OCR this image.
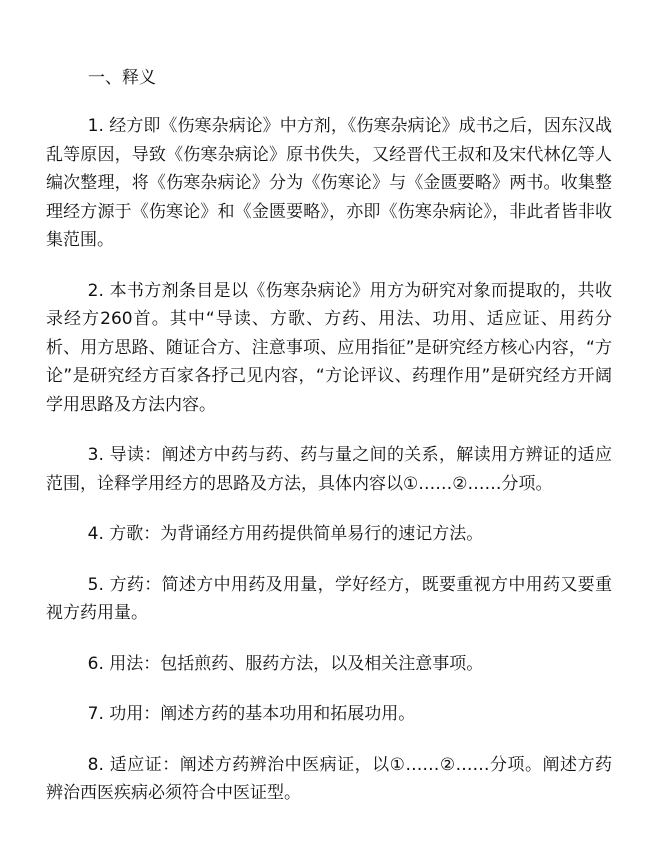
一、释义

1. 经方即《伤寒杂病论》中方剂，《伤寒杂病论》成书之后，因东汉战乱等原因，导致《伤寒杂病论》原书佚失，又经晋代王叔和及宋代林亿等人编次整理，将《伤寒杂病论》分为《伤寒论》与《金匮要略》两书。收集整理经方源于《伤寒论》和《金匮要略》，亦即《伤寒杂病论》，非此者皆非收集范围。

2. 本书方剂条目是以《伤寒杂病论》用方为研究对象而提取的，共收录经方260首。其中“导读、方歌、方药、用法、功用、适应证、用药分析、用方思路、随证合方、注意事项、应用指征”是研究经方核心内容，“方论”是研究经方百家各抒己见内容，“方论评议、药理作用”是研究经方开阔学用思路及方法内容。

3. 导读：阐述方中药与药、药与量之间的关系，解读用方辨证的适应范围，诠释学用经方的思路及方法，具体内容以①……②……分项。

4. 方歌：为背诵经方用药提供简单易行的速记方法。

5. 方药：简述方中用药及用量，学好经方，既要重视方中用药又要重视方药用量。

6. 用法：包括煎药、服药方法，以及相关注意事项。

7. 功用：阐述方药的基本功用和拓展功用。

8. 适应证：阐述方药辨治中医病证，以①……②……分项。阐述方药辨治西医疾病必须符合中医证型。
